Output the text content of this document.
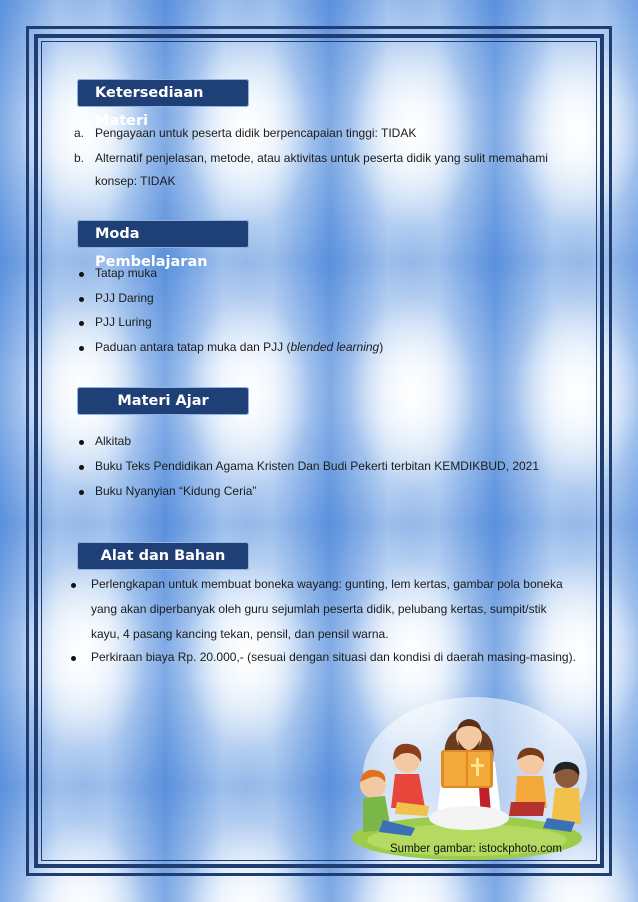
Ketersediaan Materi
a. Pengayaan untuk peserta didik berpencapaian tinggi: TIDAK
b. Alternatif penjelasan, metode, atau aktivitas untuk peserta didik yang sulit memahami
konsep: TIDAK
Moda Pembelajaran
Tatap muka
PJJ Daring
PJJ Luring
Paduan antara tatap muka dan PJJ (blended learning)
Materi Ajar
Alkitab
Buku Teks Pendidikan Agama Kristen Dan Budi Pekerti terbitan KEMDIKBUD, 2021
Buku Nyanyian “Kidung Ceria”
Alat dan Bahan
Perlengkapan untuk membuat boneka wayang: gunting, lem kertas, gambar pola boneka
yang akan diperbanyak oleh guru sejumlah peserta didik, pelubang kertas, sumpit/stik
kayu, 4 pasang kancing tekan, pensil, dan pensil warna.
Perkiraan biaya Rp. 20.000,- (sesuai dengan situasi dan kondisi di daerah masing-masing).
Sumber gambar: istockphoto.com
